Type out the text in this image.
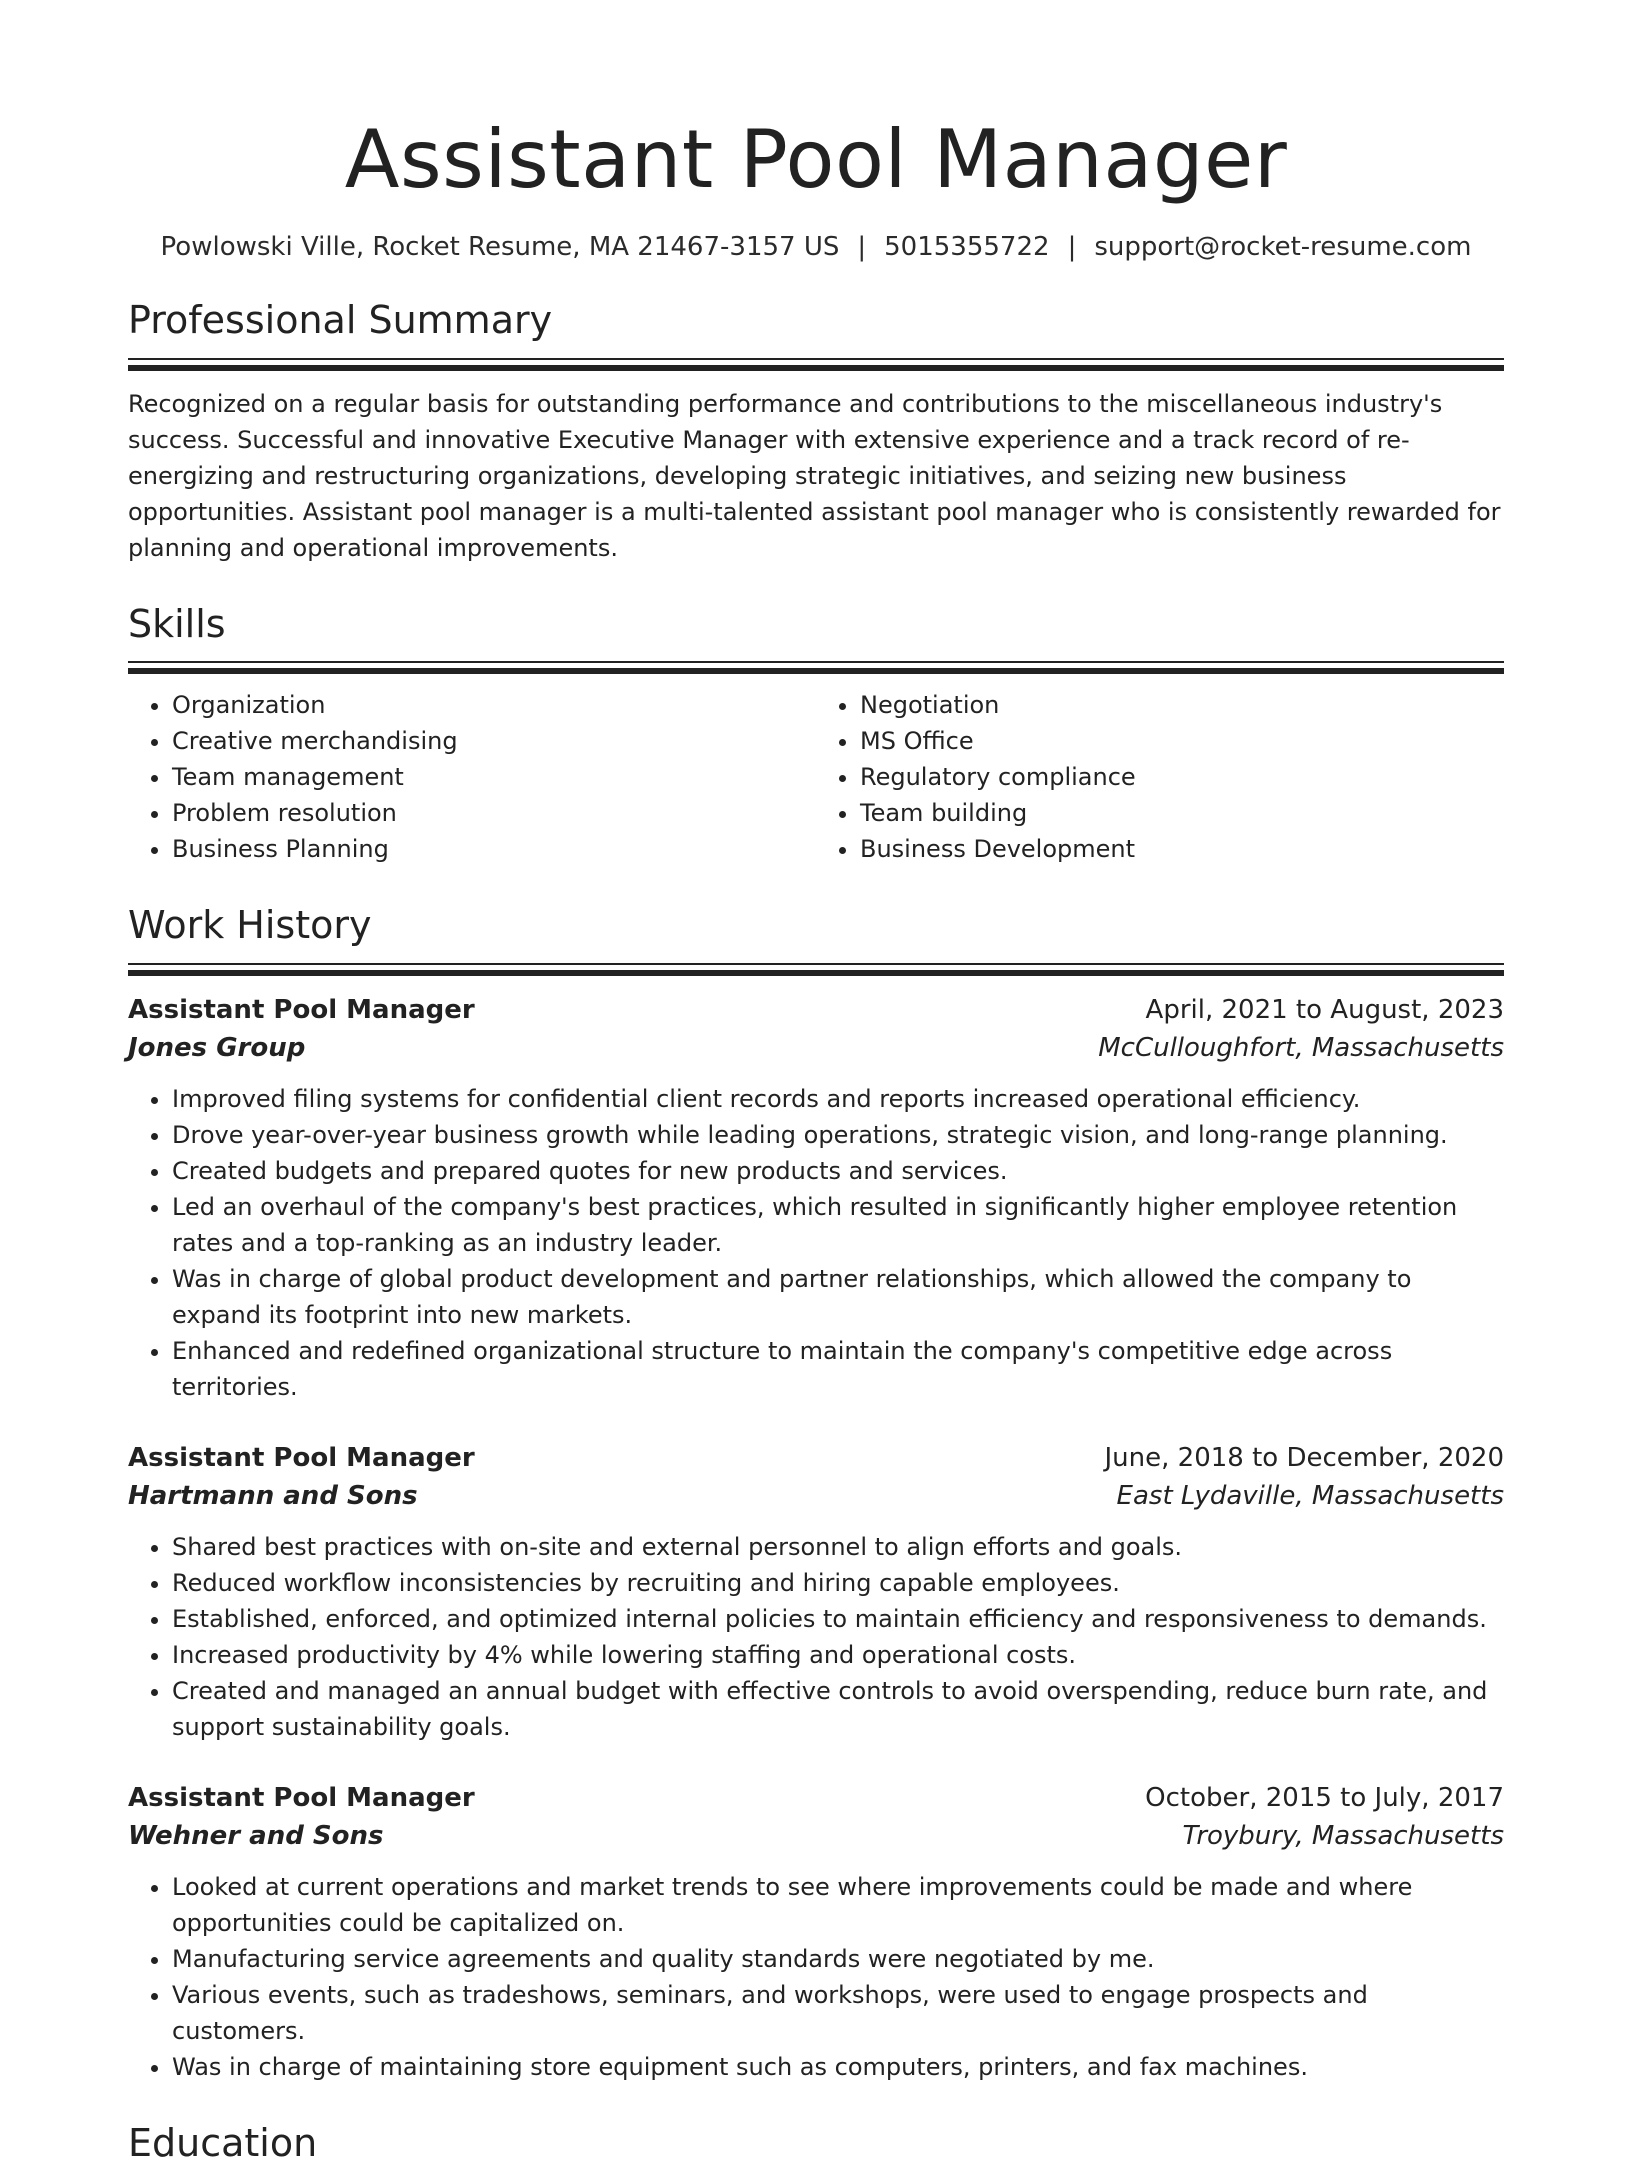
Assistant Pool Manager
Powlowski Ville, Rocket Resume, MA 21467-3157 US | 5015355722 | support@rocket-resume.com
Professional Summary
Recognized on a regular basis for outstanding performance and contributions to the miscellaneous industry's success. Successful and innovative Executive Manager with extensive experience and a track record of re-energizing and restructuring organizations, developing strategic initiatives, and seizing new business opportunities. Assistant pool manager is a multi-talented assistant pool manager who is consistently rewarded for planning and operational improvements.
Skills
• Organization
• Creative merchandising
• Team management
• Problem resolution
• Business Planning
• Negotiation
• MS Office
• Regulatory compliance
• Team building
• Business Development
Work History
Assistant Pool Manager	April, 2021 to August, 2023
Jones Group	McCulloughfort, Massachusetts
• Improved filing systems for confidential client records and reports increased operational efficiency.
• Drove year-over-year business growth while leading operations, strategic vision, and long-range planning.
• Created budgets and prepared quotes for new products and services.
• Led an overhaul of the company's best practices, which resulted in significantly higher employee retention rates and a top-ranking as an industry leader.
• Was in charge of global product development and partner relationships, which allowed the company to expand its footprint into new markets.
• Enhanced and redefined organizational structure to maintain the company's competitive edge across territories.
Assistant Pool Manager	June, 2018 to December, 2020
Hartmann and Sons	East Lydaville, Massachusetts
• Shared best practices with on-site and external personnel to align efforts and goals.
• Reduced workflow inconsistencies by recruiting and hiring capable employees.
• Established, enforced, and optimized internal policies to maintain efficiency and responsiveness to demands.
• Increased productivity by 4% while lowering staffing and operational costs.
• Created and managed an annual budget with effective controls to avoid overspending, reduce burn rate, and support sustainability goals.
Assistant Pool Manager	October, 2015 to July, 2017
Wehner and Sons	Troybury, Massachusetts
• Looked at current operations and market trends to see where improvements could be made and where opportunities could be capitalized on.
• Manufacturing service agreements and quality standards were negotiated by me.
• Various events, such as tradeshows, seminars, and workshops, were used to engage prospects and customers.
• Was in charge of maintaining store equipment such as computers, printers, and fax machines.
Education
